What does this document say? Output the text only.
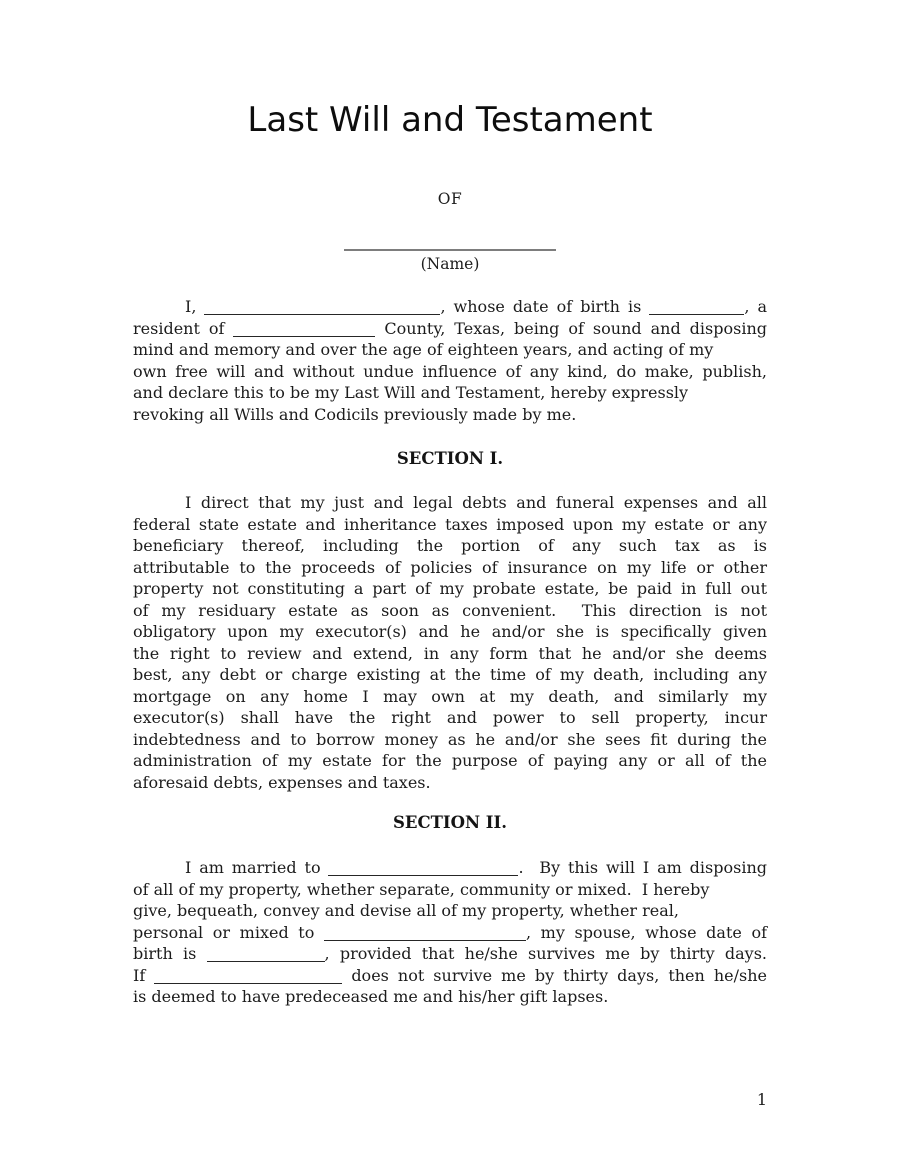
Last Will and Testament
OF
(Name)
I,	, whose date of birth is	, a
resident of	County, Texas, being of sound and disposing
mind and memory and over the age of eighteen years, and acting of my
own free will and without undue influence of any kind, do make, publish,
and declare this to be my Last Will and Testament, hereby expressly
revoking all Wills and Codicils previously made by me.
SECTION I.
I direct that my just and legal debts and funeral expenses and all
federal state estate and inheritance taxes imposed upon my estate or any
beneficiary thereof, including the portion of any such tax as is
attributable to the proceeds of policies of insurance on my life or other
property not constituting a part of my probate estate, be paid in full out
of my residuary estate as soon as convenient.  This direction is not
obligatory upon my executor(s) and he and/or she is specifically given
the right to review and extend, in any form that he and/or she deems
best, any debt or charge existing at the time of my death, including any
mortgage on any home I may own at my death, and similarly my
executor(s) shall have the right and power to sell property, incur
indebtedness and to borrow money as he and/or she sees fit during the
administration of my estate for the purpose of paying any or all of the
aforesaid debts, expenses and taxes.
SECTION II.
I am married to	.  By this will I am disposing
of all of my property, whether separate, community or mixed.  I hereby
give, bequeath, convey and devise all of my property, whether real,
personal or mixed to	, my spouse, whose date of
birth is	, provided that he/she survives me by thirty days.
If	does not survive me by thirty days, then he/she
is deemed to have predeceased me and his/her gift lapses.
1
